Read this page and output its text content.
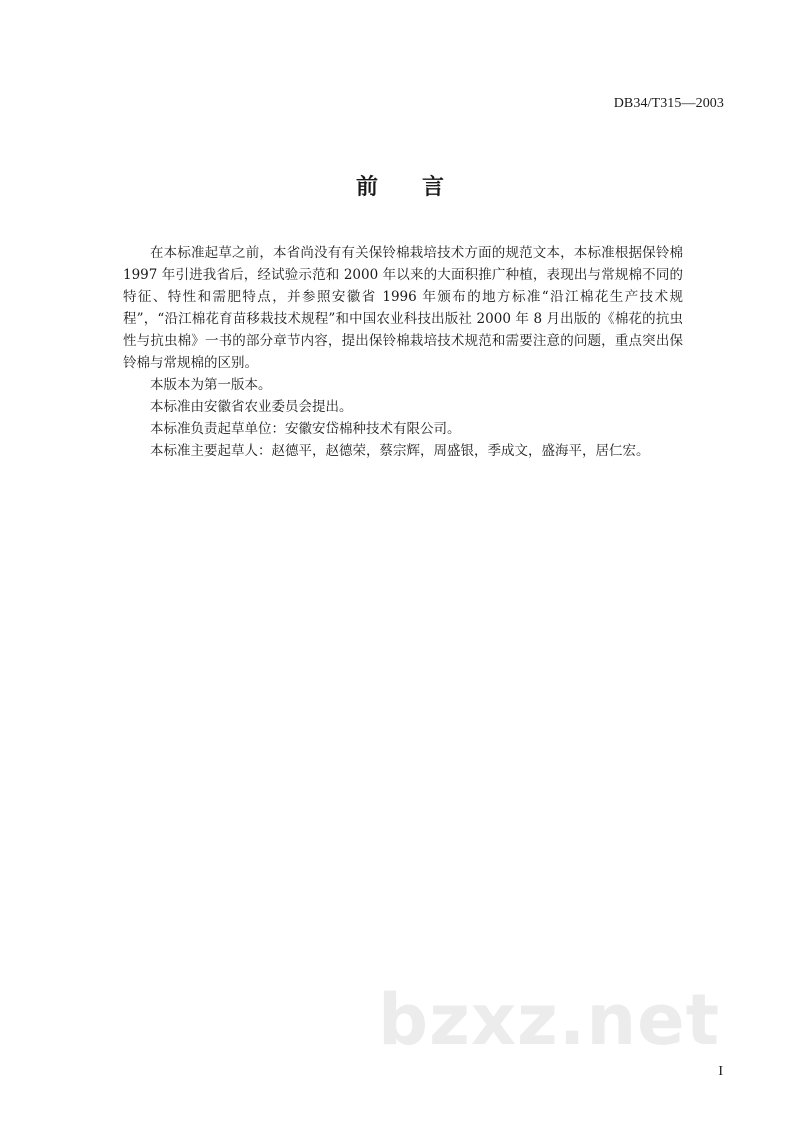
DB34/T315—2003
前 言

在本标准起草之前，本省尚没有有关保铃棉栽培技术方面的规范文本，本标准根据保铃棉 1997 年引进我省后，经试验示范和 2000 年以来的大面积推广种植，表现出与常规棉不同的特征、特性和需肥特点，并参照安徽省 1996 年颁布的地方标准“沿江棉花生产技术规程”，“沿江棉花育苗移栽技术规程”和中国农业科技出版社 2000 年 8 月出版的《棉花的抗虫性与抗虫棉》一书的部分章节内容，提出保铃棉栽培技术规范和需要注意的问题，重点突出保铃棉与常规棉的区别。

本版本为第一版本。

本标准由安徽省农业委员会提出。

本标准负责起草单位：安徽安岱棉种技术有限公司。

本标准主要起草人：赵德平，赵德荣，蔡宗辉，周盛银，季成文，盛海平，居仁宏。

bzxz.net
I
